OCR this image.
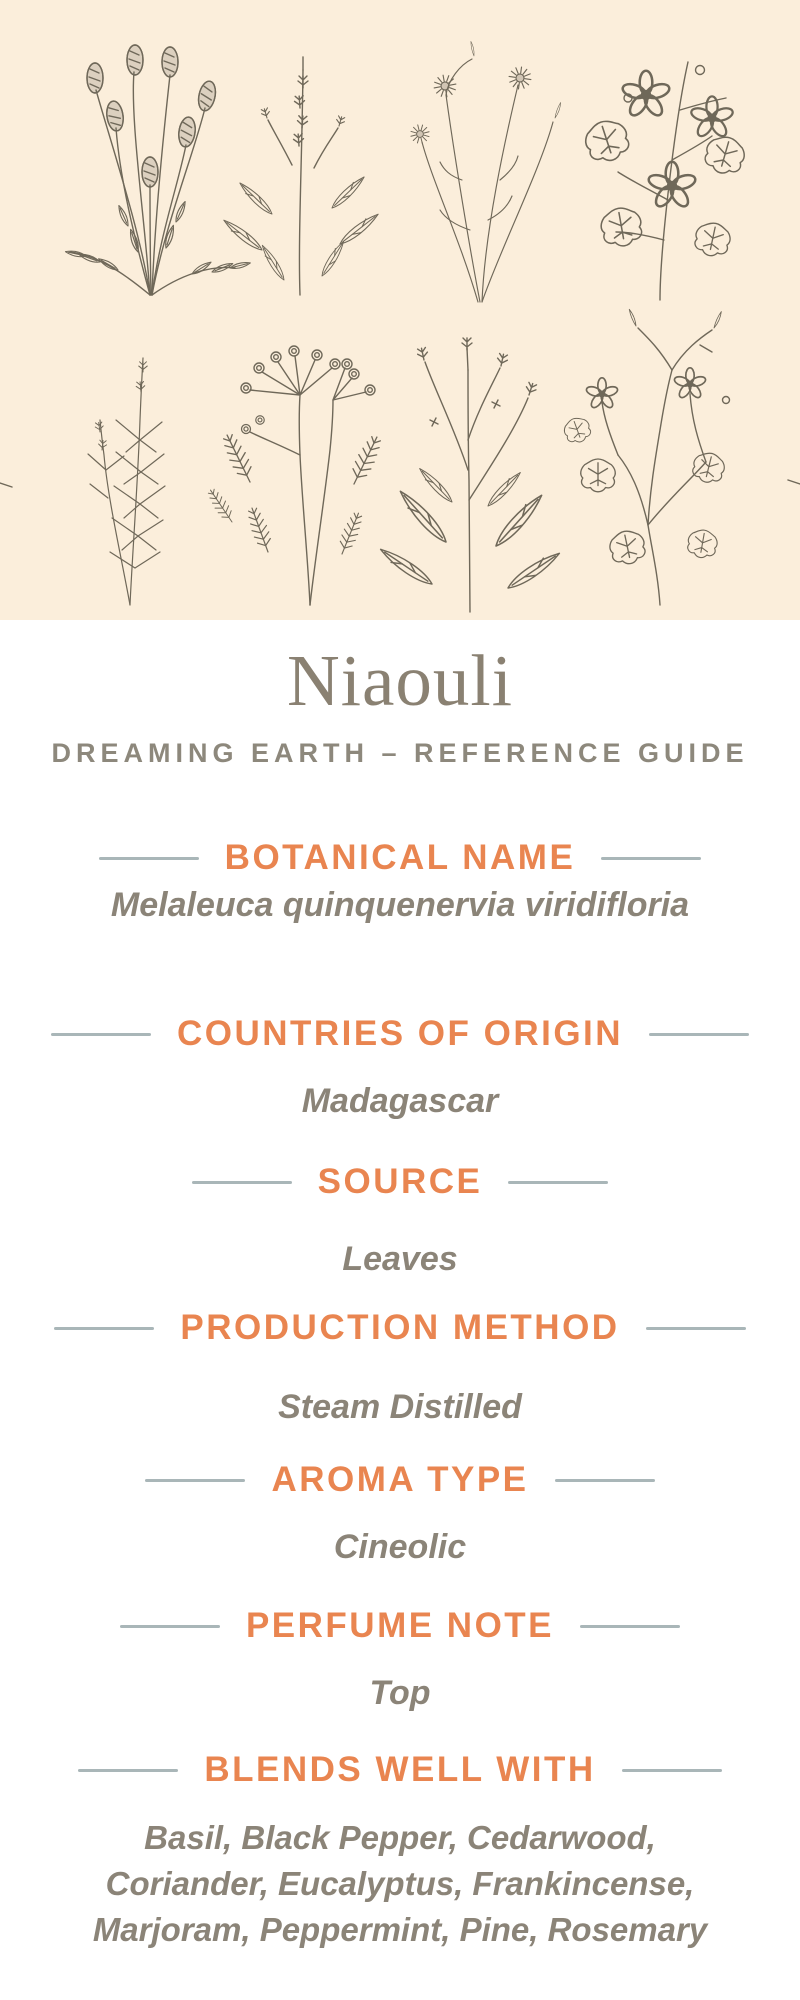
Niaouli
DREAMING EARTH – REFERENCE GUIDE
BOTANICAL NAME
Melaleuca quinquenervia viridifloria
COUNTRIES OF ORIGIN
Madagascar
SOURCE
Leaves
PRODUCTION METHOD
Steam Distilled
AROMA TYPE
Cineolic
PERFUME NOTE
Top
BLENDS WELL WITH
Basil, Black Pepper, Cedarwood, Coriander, Eucalyptus, Frankincense, Marjoram, Peppermint, Pine, Rosemary
